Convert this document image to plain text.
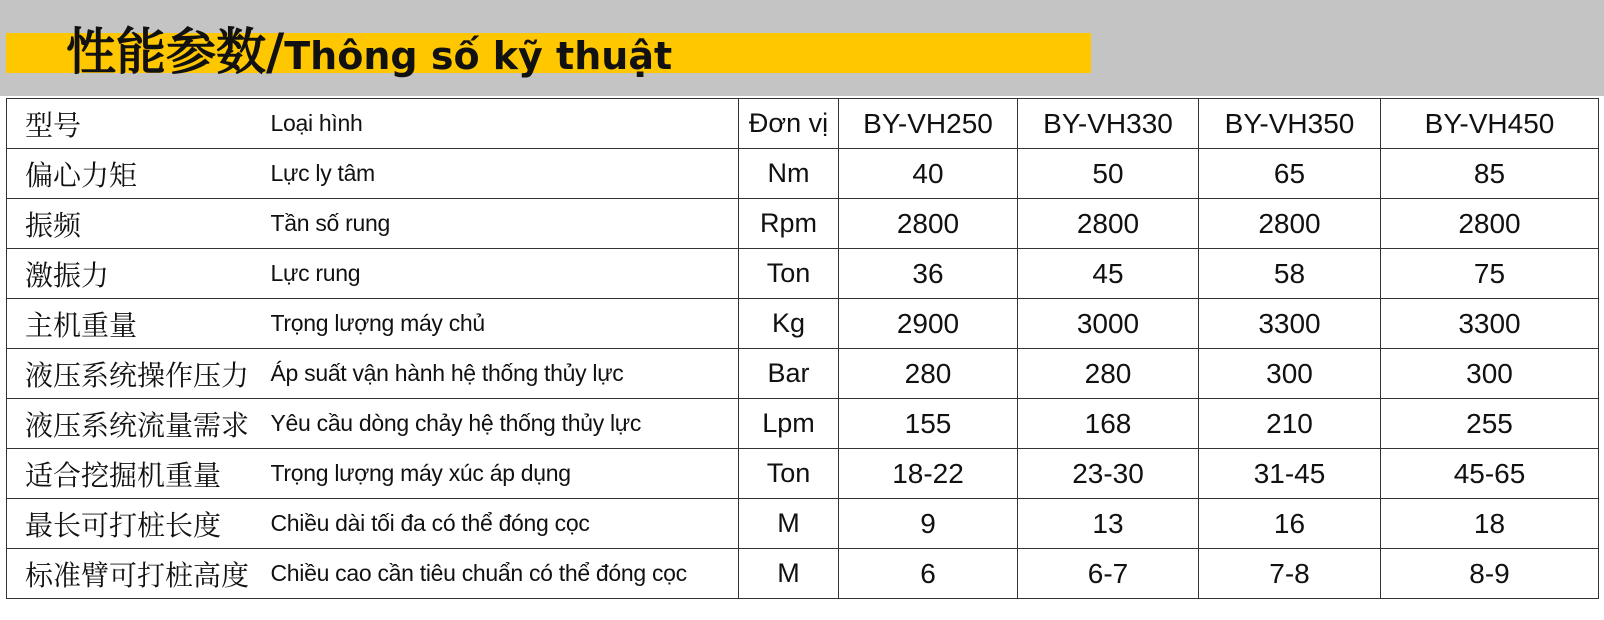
性能参数/ Thông số kỹ thuật
型号	Loại hình	Đơn vị	BY-VH250	BY-VH330	BY-VH350	BY-VH450
偏心力矩	Lực ly tâm	Nm	40	50	65	85
振频	Tần số rung	Rpm	2800	2800	2800	2800
激振力	Lực rung	Ton	36	45	58	75
主机重量	Trọng lượng máy chủ	Kg	2900	3000	3300	3300
液压系统操作压力	Áp suất vận hành hệ thống thủy lực	Bar	280	280	300	300
液压系统流量需求	Yêu cầu dòng chảy hệ thống thủy lực	Lpm	155	168	210	255
适合挖掘机重量	Trọng lượng máy xúc áp dụng	Ton	18-22	23-30	31-45	45-65
最长可打桩长度	Chiều dài tối đa có thể đóng cọc	M	9	13	16	18
标准臂可打桩高度	Chiều cao cần tiêu chuẩn có thể đóng cọc	M	6	6-7	7-8	8-9
